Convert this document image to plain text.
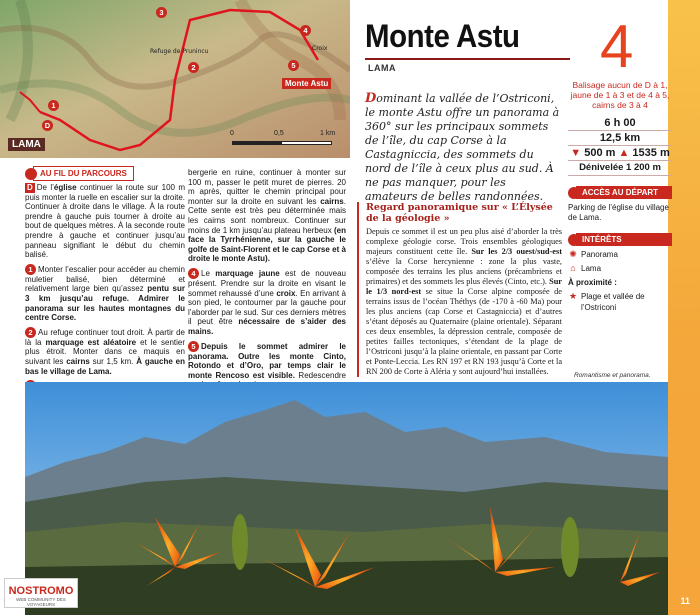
LAMA
Monte Astu
Refuge de Prunincu	Croix
D
1
2
3
4
5
0	0,5	1 km
Monte Astu
LAMA	4
11
Dominant la vallée de l’Ostriconi, le monte Astu offre un panorama à 360° sur les principaux sommets de l’île, du cap Corse à la Castagniccia, des sommets du nord de l’île à ceux plus au sud. À ne pas manquer, pour les amateurs de belles randonnées.
Balisage aucun de D à 1, jaune de 1 à 3 et de 4 à 5, cairns de 3 à 4
6 h 00
12,5 km
▼ 500 m ▲ 1535 m
Dénivelée 1 200 m
ACCÈS AU DÉPART

Parking de l’église du village de Lama.

INTÉRÊTS
✺ Panorama
⌂ Lama
À proximité :
★ Plage et vallée de l’Ostriconi
AU FIL DU PARCOURS
D De l’église continuer la route sur 100 m puis monter la ruelle en escalier sur la droite. Continuer à droite dans le village. À la route prendre à gauche puis tourner à droite au bout de quelques mètres. À la seconde route prendre à gauche et continuer jusqu’au panneau signifiant le début du chemin balisé.
1 Monter l’escalier pour accéder au chemin muletier balisé, bien déterminé et relativement large bien qu’assez pentu sur 3 km jusqu’au refuge. Admirer le panorama sur les hautes montagnes du centre Corse.
2 Au refuge continuer tout droit. À partir de là la marquage est aléatoire et le sentier plus étroit. Monter dans ce maquis en suivant les cairns sur 1,5 km. À gauche en bas le village de Lama.
bergerie en ruine, continuer à monter sur 100 m, passer le petit muret de pierres. 20 m après, quitter le chemin principal pour monter sur la droite en suivant les cairns. Cette sente est très peu déterminée mais les cairns sont nombreux. Continuer sur moins de 1 km jusqu’au plateau herbeux (en face la Tyrrhénienne, sur la gauche le golfe de Saint-Florent et le cap Corse et à droite le monte Astu).
4 Le marquage jaune est de nouveau présent. Prendre sur la droite en visant le sommet rehaussé d’une croix. En arrivant à son pied, le contourner par la gauche pour l’aborder par le sud. Sur ces derniers mètres il peut être nécessaire de s’aider des mains.
5 Depuis le sommet admirer le panorama. Outre les monte Cinto, Rotondo et d’Oro, par temps clair le monte Rencoso est visible. Redescendre
Regard panoramique sur « L’Élysée de la géologie »

Depuis ce sommet il est un peu plus aisé d’aborder la très complexe géologie corse. Trois ensembles géologiques majeurs constituent cette île. Sur les 2/3 ouest/sud-est s’élève la Corse hercynienne : zone la plus vaste, composée des terrains les plus anciens (précambriens et primaires) et des sommets les plus élevés (Cinto, etc.). Sur le 1/3 nord-est se situe la Corse alpine composée de terrains issus de l’océan Théthys (de -170 à -60 Ma) pour les plus anciens (cap Corse et Castagniccia) et d’autres s’étant déposés au Quaternaire (plaine orientale). Séparant ces deux ensembles, la dépression centrale, composée de petites failles tectoniques, s’étendant de la plage de l’Ostriconi jusqu’à la plaine orientale, en passant par Corte et Ponte-Leccia. Les RN 197 et RN 193 jusqu’à Corte et la RN 200 de Corte à Aléria y sont aujourd’hui installées.	Romantisme et panorama.
NOSTROMO
WEB COMMUNITY DES VOYAGEURS
